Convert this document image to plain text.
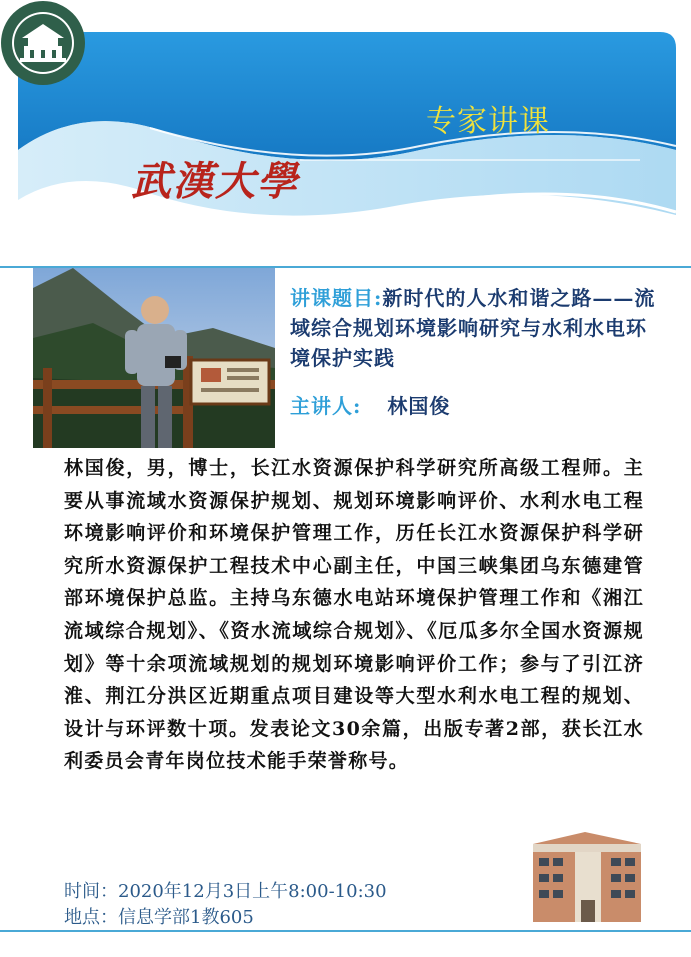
专家讲课
武漢大學
讲课题目:新时代的人水和谐之路——流域综合规划环境影响研究与水利水电环境保护实践
主讲人: 林国俊
林国俊，男，博士，长江水资源保护科学研究所高级工程师。主要从事流域水资源保护规划、规划环境影响评价、水利水电工程环境影响评价和环境保护管理工作，历任长江水资源保护科学研究所水资源保护工程技术中心副主任，中国三峡集团乌东德建管部环境保护总监。主持乌东德水电站环境保护管理工作和《湘江流域综合规划》、《资水流域综合规划》、《厄瓜多尔全国水资源规划》等十余项流域规划的规划环境影响评价工作；参与了引江济淮、荆江分洪区近期重点项目建设等大型水利水电工程的规划、设计与环评数十项。发表论文30余篇，出版专著2部，获长江水利委员会青年岗位技术能手荣誉称号。
时间：2020年12月3日上午8:00-10:30
地点：信息学部1教605
